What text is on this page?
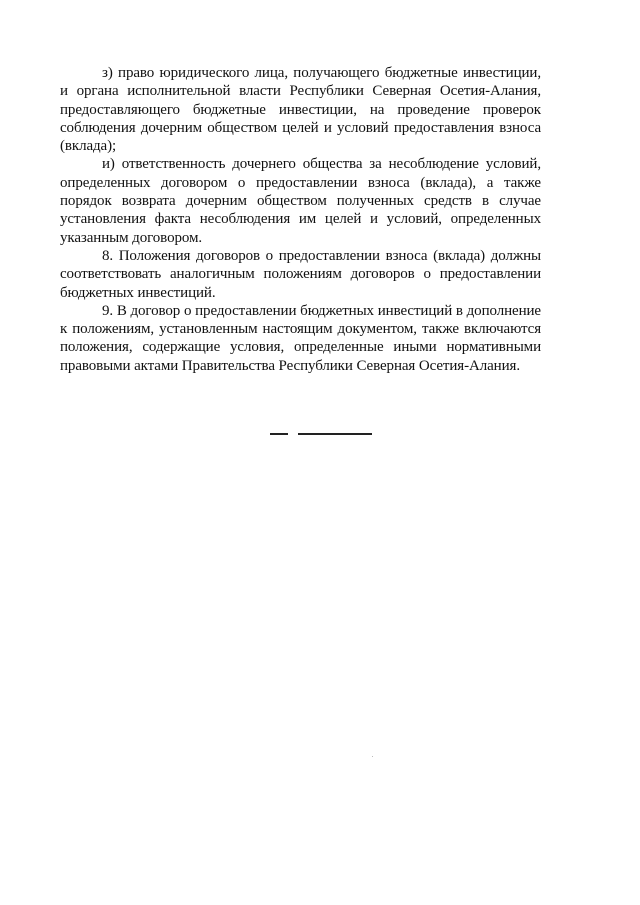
з) право юридического лица, получающего бюджетные инвестиции, и органа исполнительной власти Республики Северная Осетия-Алания, предоставляющего бюджетные инвестиции, на проведение проверок соблюдения дочерним обществом целей и условий предоставления взноса (вклада);

и) ответственность дочернего общества за несоблюдение условий, определенных договором о предоставлении взноса (вклада), а также порядок возврата дочерним обществом полученных средств в случае установления факта несоблюдения им целей и условий, определенных указанным договором.

8. Положения договоров о предоставлении взноса (вклада) должны соответствовать аналогичным положениям договоров о предоставлении бюджетных инвестиций.

9. В договор о предоставлении бюджетных инвестиций в дополнение к положениям, установленным настоящим документом, также включаются положения, содержащие условия, определенные иными нормативными правовыми актами Правительства Республики Северная Осетия-Алания.
